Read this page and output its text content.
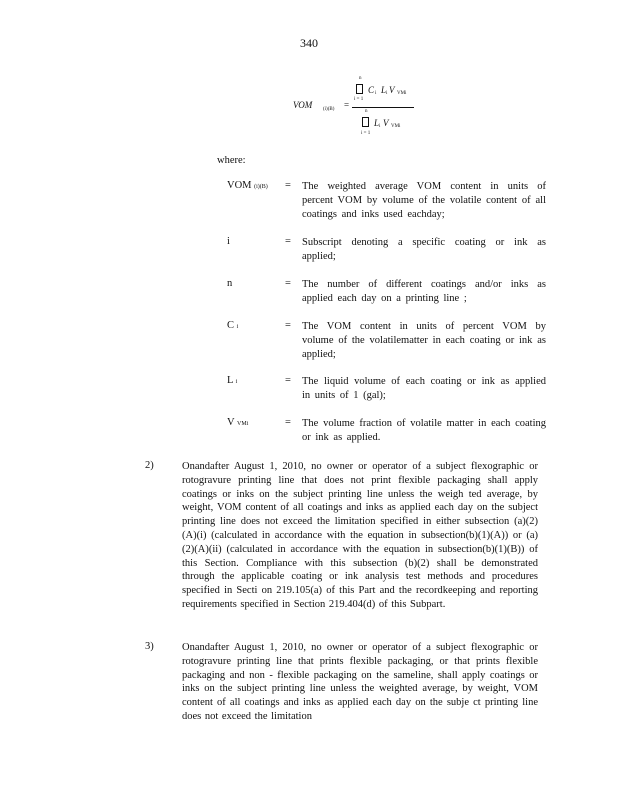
340
VOM (i)(B) =
n
i = 1
C i L i V VMi
n
i = 1
L i V VMi
where:
VOM (i)(B) = The weighted average VOM content in units of percent VOM by volume of the volatile content of all coatings and inks used eachday;
i	= Subscript denoting a specific coating or ink as applied;
n	= The number of different coatings and/or inks as applied each day on a printing line ;
C i	= The VOM content in units of percent VOM by volume of the volatilematter in each coating or ink as applied;
L i	= The liquid volume of each coating or ink as applied in units of 1 (gal);
V VMi	= The volume fraction of volatile matter in each coating or ink as applied.
2)	Onandafter August 1, 2010, no owner or operator of a subject flexographic or rotogravure printing line that does not print flexible packaging shall apply coatings or inks on the subject printing line unless the weigh ted average, by weight, VOM content of all coatings and inks as applied each day on the subject printing line does not exceed the limitation specified in either subsection (a)(2)(A)(i) (calculated in accordance with the equation in subsection(b)(1)(A)) or (a)(2)(A)(ii) (calculated in accordance with the equation in subsection(b)(1)(B)) of this Section. Compliance with this subsection (b)(2) shall be demonstrated through the applicable coating or ink analysis test methods and procedures specified in Secti on 219.105(a) of this Part and the recordkeeping and reporting requirements specified in Section 219.404(d) of this Subpart.
3)	Onandafter August 1, 2010, no owner or operator of a subject flexographic or rotogravure printing line that prints flexible packaging, or that prints flexible packaging and non - flexible packaging on the sameline, shall apply coatings or inks on the subject printing line unless the weighted average, by weight, VOM content of all coatings and inks as applied each day on the subje ct printing line does not exceed the limitation
